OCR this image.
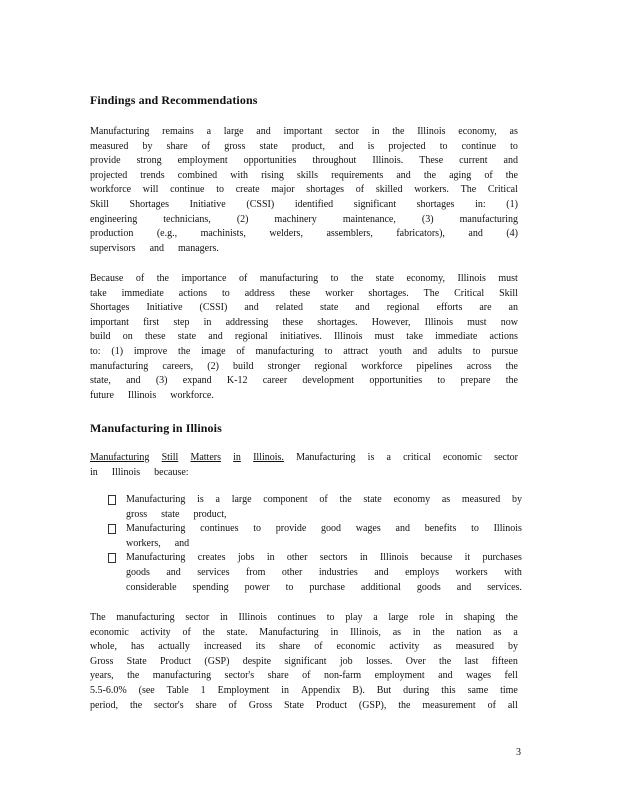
Findings and Recommendations
Manufacturing remains a large and important sector in the Illinois economy, as
measured by share of gross state product, and is projected to continue to
provide strong employment opportunities throughout Illinois. These current and
projected trends combined with rising skills requirements and the aging of the
workforce will continue to create major shortages of skilled workers. The Critical
Skill Shortages Initiative (CSSI) identified significant shortages in: (1)
engineering	technicians,	(2)	machinery	maintenance,	(3)	manufacturing
production (e.g., machinists, welders, assemblers, fabricators), and (4)
supervisors and managers.
Because of the importance of manufacturing to the state economy, Illinois must
take immediate actions to address these worker shortages. The Critical Skill
Shortages Initiative (CSSI) and related state and regional efforts are an
important first step in addressing these shortages. However, Illinois must now
build on these state and regional initiatives. Illinois must take immediate actions
to: (1) improve the image of manufacturing to attract youth and adults to pursue
manufacturing careers, (2) build stronger regional workforce pipelines across the
state, and (3) expand K-12 career development opportunities to prepare the
future Illinois workforce.
Manufacturing in Illinois
Manufacturing Still Matters in Illinois. Manufacturing is a critical economic sector
in Illinois because:
Manufacturing is a large component of the state economy as measured by
gross state product,
Manufacturing continues to provide good wages and benefits to Illinois
workers, and
Manufacturing creates jobs in other sectors in Illinois because it purchases
goods and services from other industries and employs workers with
considerable spending power to purchase additional goods and services.
The manufacturing sector in Illinois continues to play a large role in shaping the
economic activity of the state. Manufacturing in Illinois, as in the nation as a
whole, has actually increased its share of economic activity as measured by
Gross State Product (GSP) despite significant job losses. Over the last fifteen
years, the manufacturing sector's share of non-farm employment and wages fell
5.5-6.0% (see Table 1 Employment in Appendix B). But during this same time
period, the sector's share of Gross State Product (GSP), the measurement of all
3
